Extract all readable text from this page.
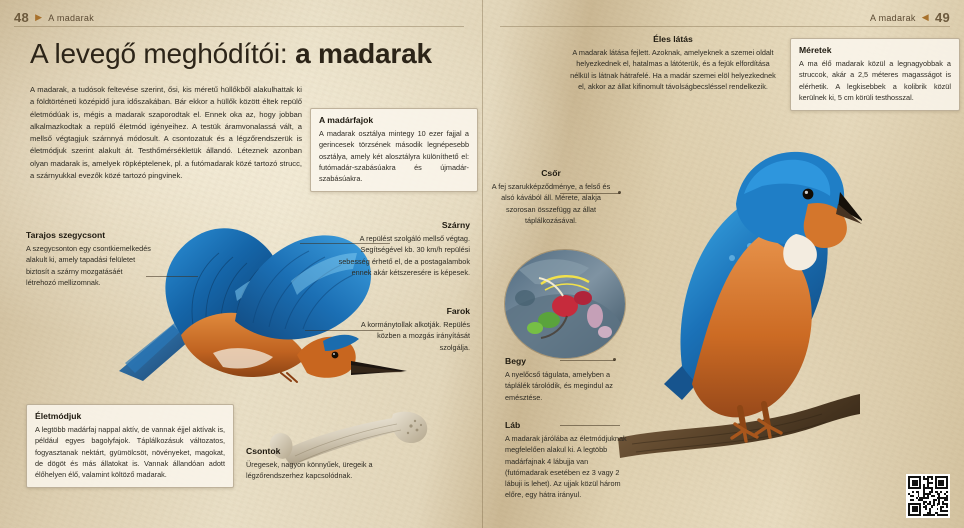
48 ▶ A madarak	A madarak ◀ 49
A levegő meghódítói: a madarak

A madarak, a tudósok feltevése szerint, ősi, kis méretű hüllőkből alakulhattak ki a földtörténeti középidő jura időszakában. Bár ekkor a hüllők között éltek repülő életmódúak is, mégis a madarak szaporodtak el. Ennek oka az, hogy jobban alkalmazkodtak a repülő életmód igényeihez. A testük áramvonalassá vált, a mellső végtagjuk szárnnyá módosult. A csontozatuk és a légzőrendszerük is életmódjuk szerint alakult át. Testhőmérsékletük állandó. Léteznek azonban olyan madarak is, amelyek röpképtelenek, pl. a futómadarak közé tartozó strucc, a szárnyukkal evezők közé tartozó pingvinek.

A madárfajok

A madarak osztálya mintegy 10 ezer fajjal a gerincesek törzsének második legnépesebb osztálya, amely két alosztályra különíthető el: futómadár-szabásúakra és újmadár-szabásúakra.

Éles látás

A madarak látása fejlett. Azoknak, amelyeknek a szemei oldalt helyezkednek el, hatalmas a látóterük, és a fejük elfordítása nélkül is látnak hátrafelé. Ha a madár szemei elöl helyezkednek el, akkor az állat kifinomult távolságbecsléssel rendelkezik.

Méretek

A ma élő madarak közül a legnagyobbak a struccok, akár a 2,5 méteres magasságot is elérhetik. A legkisebbek a kolibrik közül kerülnek ki, 5 cm körüli testhosszal.

Csőr

A fej szarukképződménye, a felső és alsó kávából áll. Mérete, alakja szorosan összefügg az állat táplálkozásával.

Tarajos szegycsont

A szegycsonton egy csontkiemelkedés alakult ki, amely tapadási felületet biztosít a szárny mozgatásáét létrehozó mellizomnak.

Szárny

A repülést szolgáló mellső végtag. Segítségével kb. 30 km/h repülési sebesség érhető el, de a postagalambok ennek akár kétszeresére is képesek.

Farok

A kormánytollak alkotják. Repülés közben a mozgás irányítását szolgálja.

Begy

A nyelőcső tágulata, amelyben a táplálék tárolódik, és megindul az emésztése.

Láb

A madarak járólába az életmódjuknak megfelelően alakul ki. A legtöbb madárfajnak 4 lábujja van (futómadarak esetében ez 3 vagy 2 lábuji is lehet). Az ujjak közül három előre, egy hátra irányul.

Életmódjuk

A legtöbb madárfaj nappal aktív, de vannak éjjel aktívak is, például egyes bagolyfajok. Táplálkozásuk változatos, fogyasztanak nektárt, gyümölcsöt, növényeket, magokat, de dögöt és más állatokat is. Vannak állandóan adott élőhelyen élő, valamint költöző madarak.

Csontok

Üregesek, nagyon könnyűek, üregeik a légzőrendszerhez kapcsolódnak.
